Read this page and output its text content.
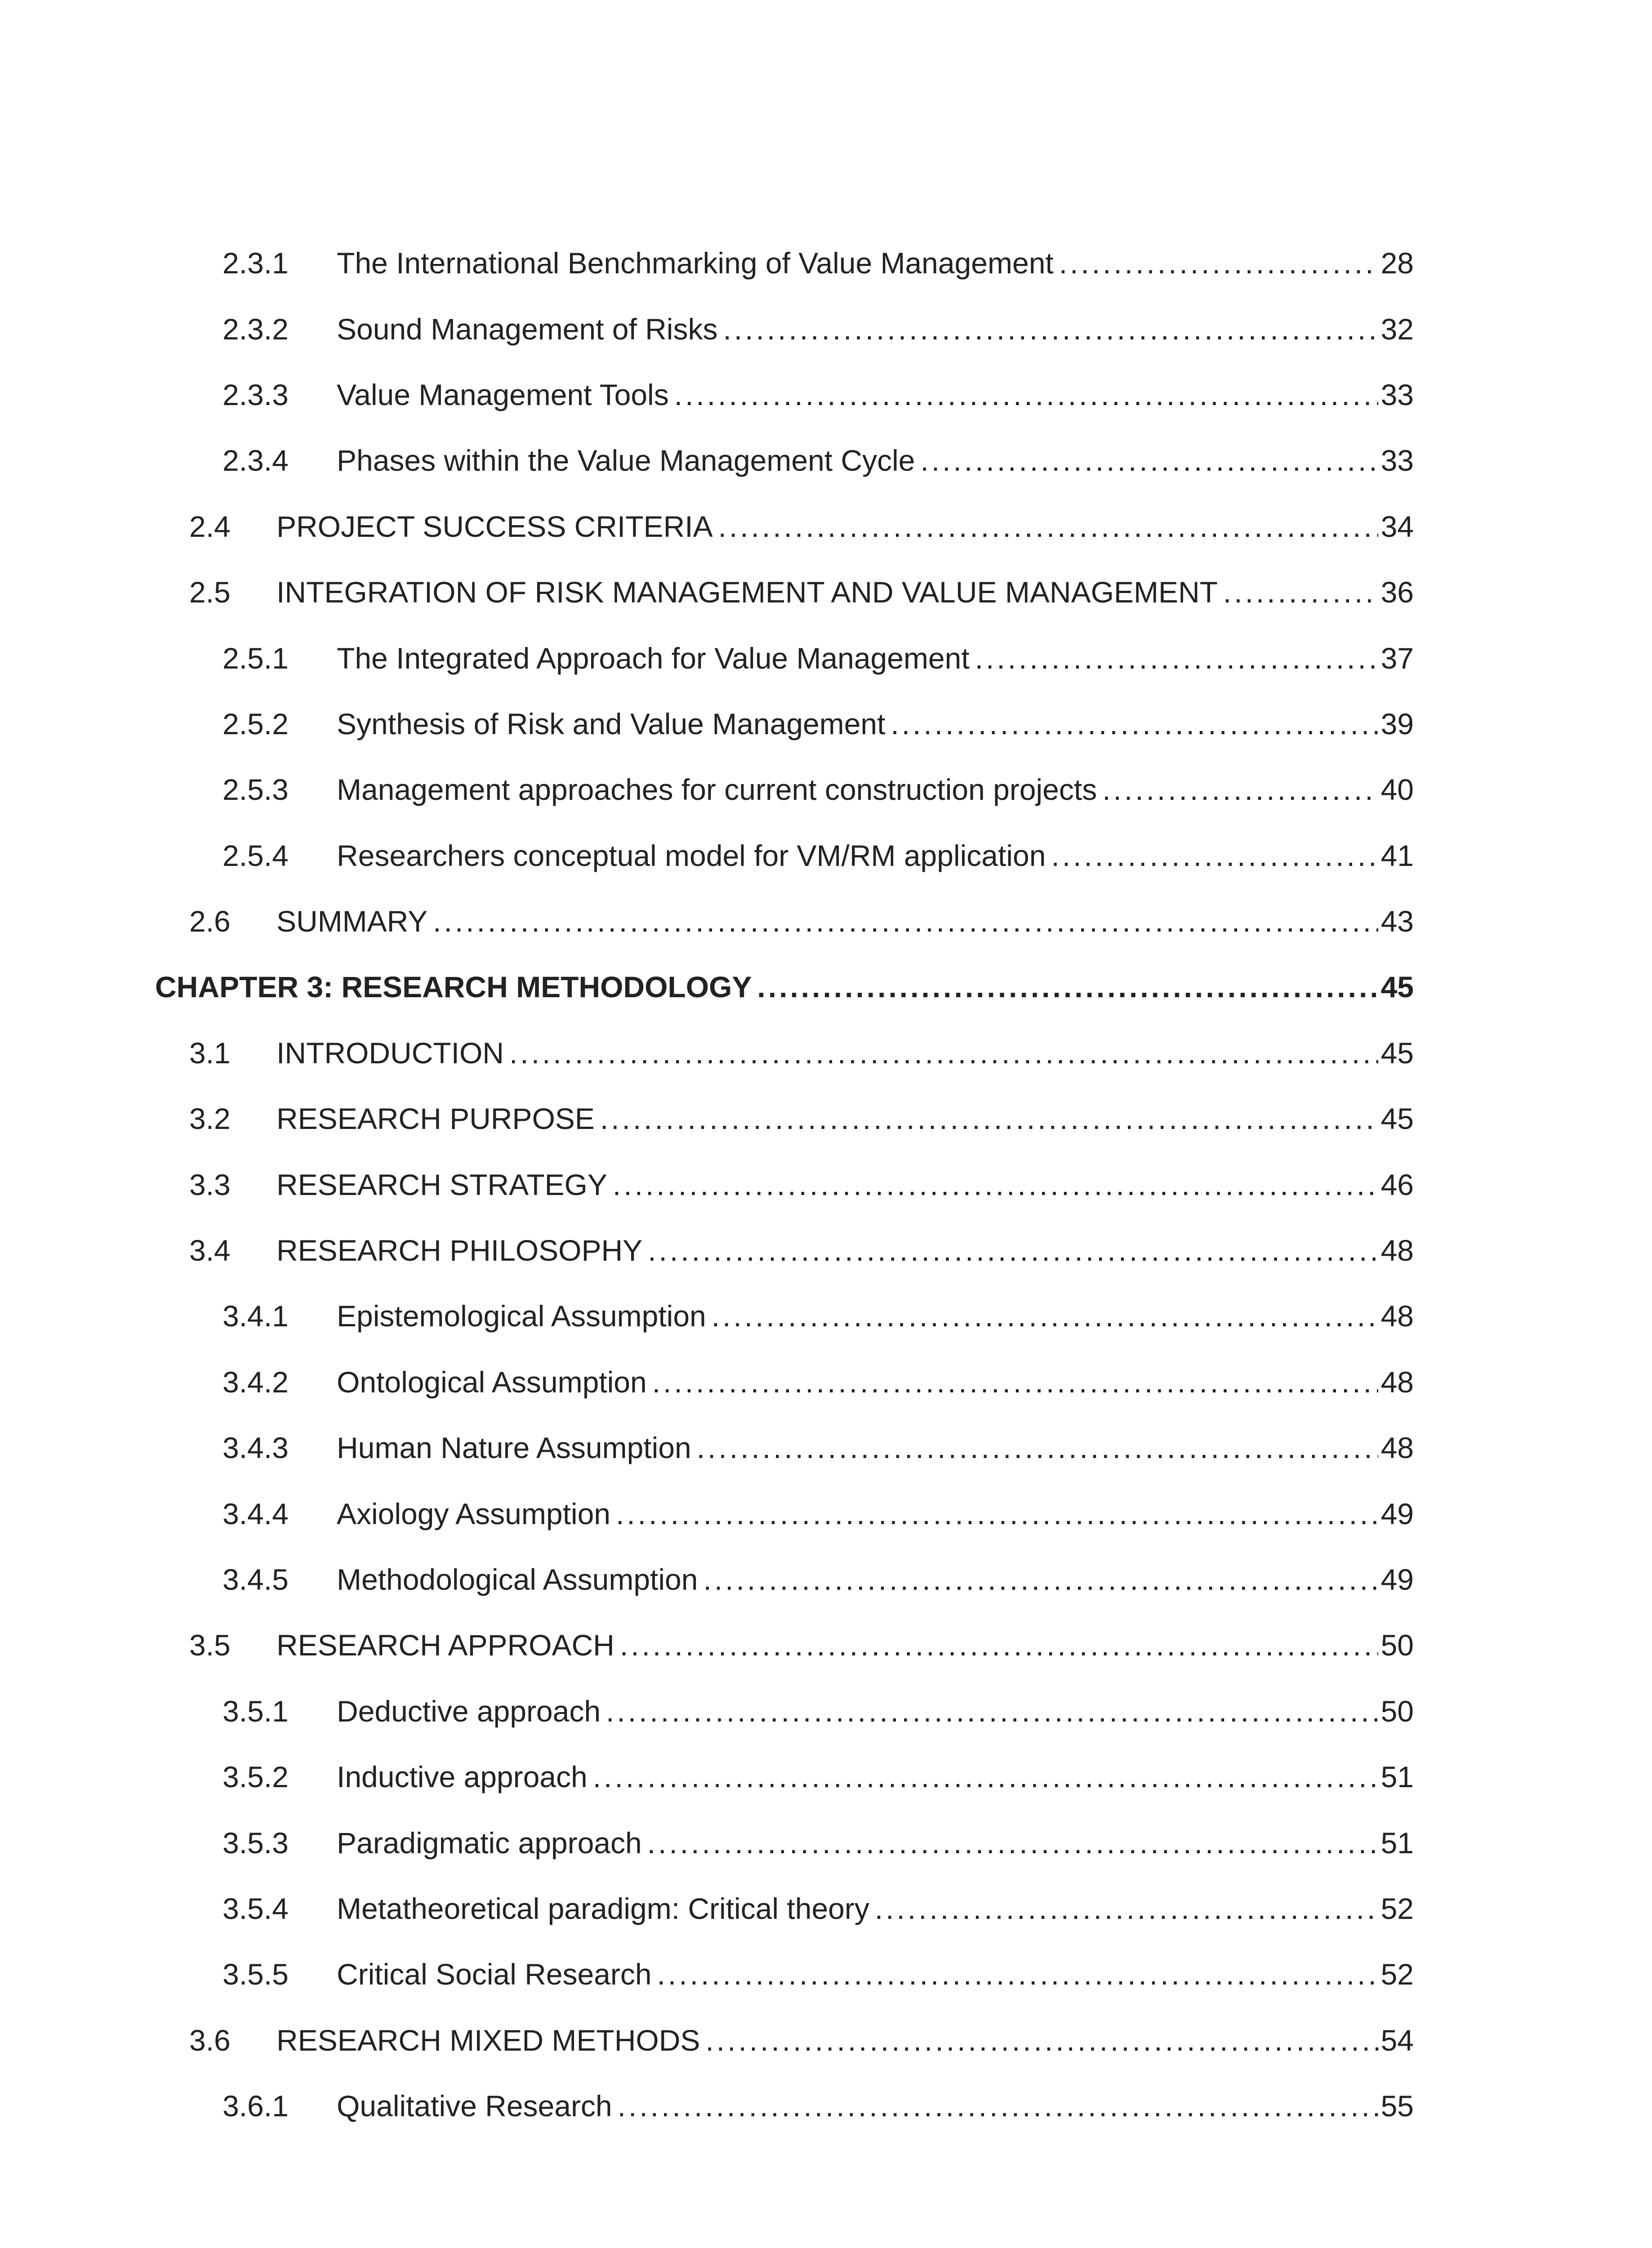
2.3.1	The International Benchmarking of Value Management .....	28
2.3.2	Sound Management of Risks .....	32
2.3.3	Value Management Tools .....	33
2.3.4	Phases within the Value Management Cycle .....	33
2.4	PROJECT SUCCESS CRITERIA .....	34
2.5	INTEGRATION OF RISK MANAGEMENT AND VALUE MANAGEMENT .....	36
2.5.1	The Integrated Approach for Value Management .....	37
2.5.2	Synthesis of Risk and Value Management .....	39
2.5.3	Management approaches for current construction projects .....	40
2.5.4	Researchers conceptual model for VM/RM application .....	41
2.6	SUMMARY .....	43
CHAPTER 3: RESEARCH METHODOLOGY .....	45
3.1	INTRODUCTION .....	45
3.2	RESEARCH PURPOSE .....	45
3.3	RESEARCH STRATEGY .....	46
3.4	RESEARCH PHILOSOPHY .....	48
3.4.1	Epistemological Assumption .....	48
3.4.2	Ontological Assumption .....	48
3.4.3	Human Nature Assumption .....	48
3.4.4	Axiology Assumption .....	49
3.4.5	Methodological Assumption .....	49
3.5	RESEARCH APPROACH .....	50
3.5.1	Deductive approach .....	50
3.5.2	Inductive approach .....	51
3.5.3	Paradigmatic approach .....	51
3.5.4	Metatheoretical paradigm: Critical theory .....	52
3.5.5	Critical Social Research .....	52
3.6	RESEARCH MIXED METHODS .....	54
3.6.1	Qualitative Research .....	55
